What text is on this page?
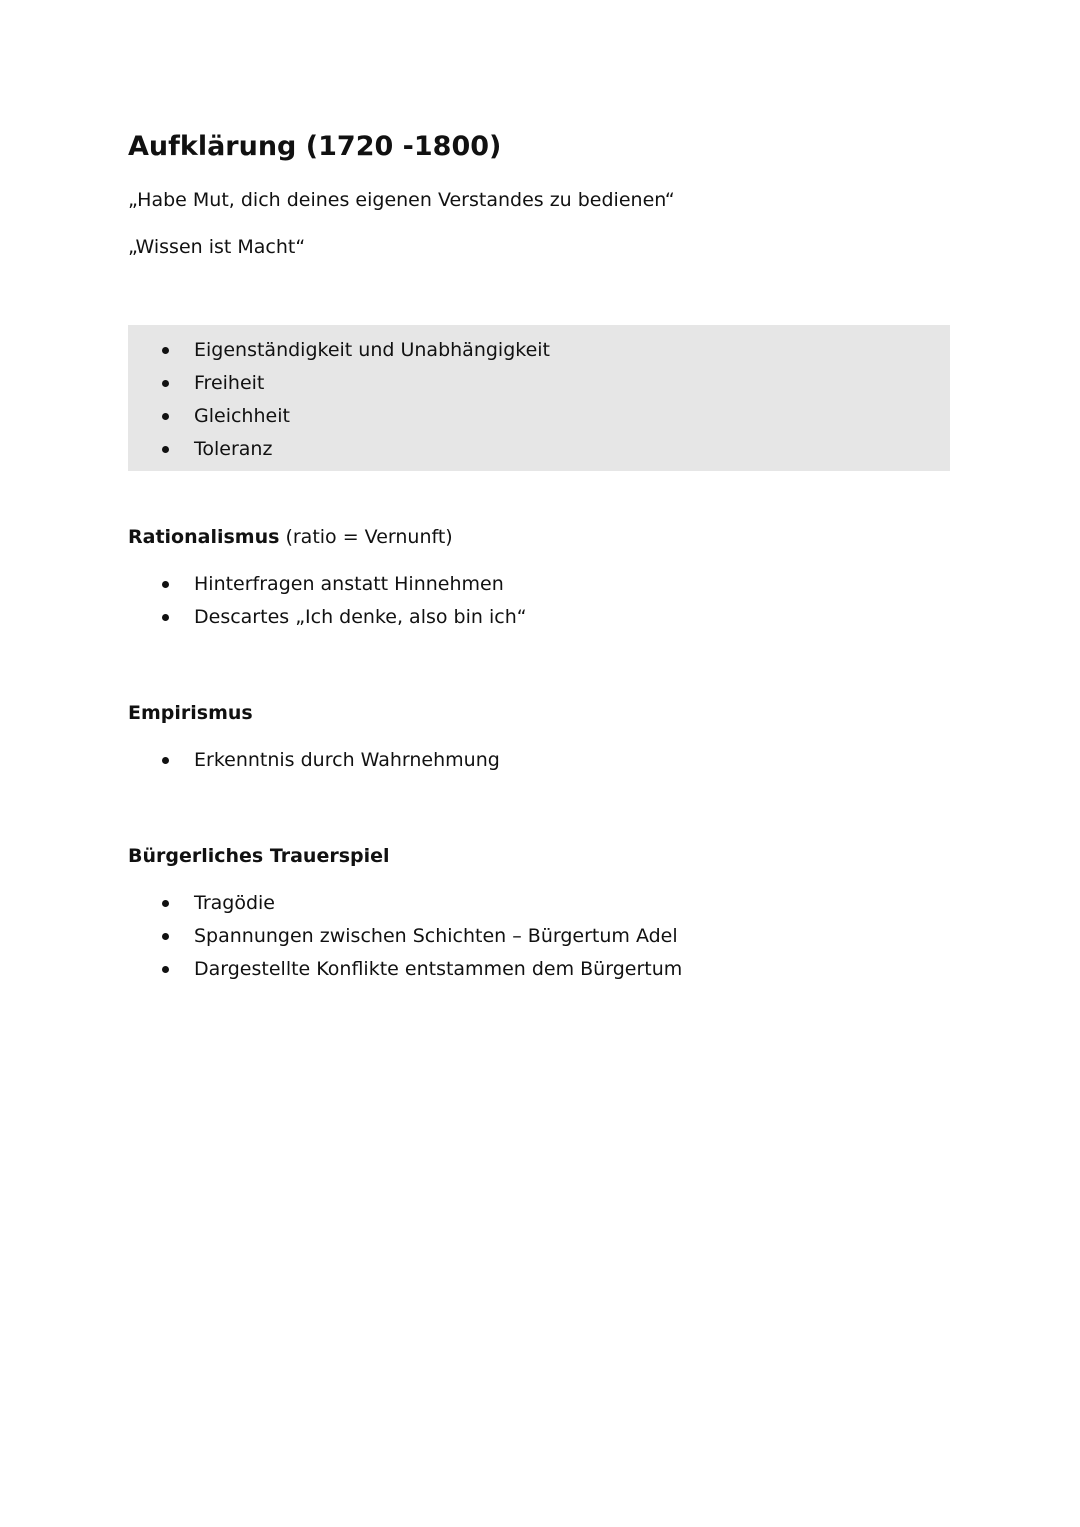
Aufklärung (1720 -1800)

„Habe Mut, dich deines eigenen Verstandes zu bedienen“

„Wissen ist Macht“

Eigenständigkeit und Unabhängigkeit
Freiheit
Gleichheit
Toleranz

Rationalismus (ratio = Vernunft)

Hinterfragen anstatt Hinnehmen
Descartes „Ich denke, also bin ich“

Empirismus

Erkenntnis durch Wahrnehmung

Bürgerliches Trauerspiel

Tragödie
Spannungen zwischen Schichten – Bürgertum Adel
Dargestellte Konflikte entstammen dem Bürgertum
